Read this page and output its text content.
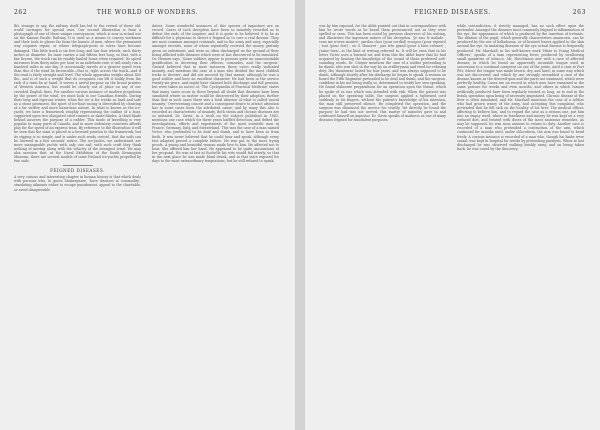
262	THE WORLD OF WONDERS.

Bit, strange to say, the railway itself has led to the revival of these old-world carriages for special uses. Our second illustration is from a photograph of one of these unique conveyances, which is now in actual use on the Kansas Pacific Railway. It is used as a means to convey workmen and their tools to places far from the haunts of men, where the permanent way requires repair, or where telegraph-posts or wires have become damaged. This little truck is six feet long, and has four wheels, each thirty inches in diameter. Its mast carries a sail fifteen feet long, so that, with a fair breeze, the truck can be readily hauled home when required. Its speed increases from thirty miles per hour to an indefinite rate; it will easily run a hundred miles in one day. It occasionally travels at a greater speed even than this if the wind be favourable—that is, right across the track—and if the road is fairly straight and level. The whole apparatus weighs about 400 lbs., and is of such a weight that its occupants can lift it bodily from the rails if a train be at hand. It serves a useful purpose on the broad prairies of Western America, but would be clearly out of place on any of our crowded English lines. For another curious instance of modern propulsion by the power of the wind, we must look to our Canadian friends. During their long and rigorous winter, when the ice is for weeks as hard and safe as a stone pavement, the sport of ice-boat racing is diversified by cheating of a far swifter and more hazardous nature. In what is known as the ice-yacht, we have a framework roughly representing the outline of a boat, supported upon two elongated steel runners or skate-blades. A third blade behind answers the purpose of a rudder. This mode of travelling is very popular in many parts of Canada, and in more sedentary countries affords play for the speed of an express train. By reference to the illustration it will be seen that the mast is placed in a forward position to the framework, but its rigging is so simple, and is under such ready control, that the sails can be lowered in a few seconds' notice. The ice-yachts, we understand, are more manageable yachts with only one sail; with such craft they think nothing of moving along with the velocity of the strongest wind. We may also mention that, at the Naval Exhibition of the South Kensington Museum, there are several models of some Finland ice-yachts propelled by two sails.

FEIGNED DISEASES.

A very curious and interesting chapter in human history is that which deals with persons who, to quote Shakespeare, 'have diseases in commodity', simulating ailments either to escape punishment, appeal to the charitable, or avoid disagreeable

duties. Some wonderful instances of this species of imposture are on record. Cases of such deception have been so minutely recorded as to defeat the ends of the inquirer, and it is quite to be believed it to be as difficult for a physician to detect a feigned as to cure a real disease. They are most common amongst criminals, and in the army and navy, especially amongst recruits, some of whom repeatedly received the money gratuity given on enlistment, and were as often discharged on the ground of their being afflicted with diseases which were at last discovered to be simulated. Dr. Hennen says, 'Some soldiers appear to possess quite an unaccountable gratification in deceiving their officers, comrades, and the surgeon.' Gavard believed that in most instances these cases really indicated insanity, and mentions the case of a man who divided the most childish tricks to deceive, and did not succeed by that means, although he was a good soldier and bore an excellent character. He had been in the service twenty-six years, and might have claimed both discharge and full pension, but were taken no notice of. 'The Cyclopaedia of Practical Medicine' states that many cases occur in these beyond all doubt that diseases have been simulated where no motive could be discovered by their adoption, further than that in such cases there was a total absence of what is called 'moral insanity.' Overweening conceit and a consequent desire to attract attention has in some cases been the attributed cause; and by many this also is recorded as characteristic of insanity. Both strain and chronic diseases are so imitated. Dr. Gavin, in a work on the subject published in 1843, mentions one case which for three years baffled detection, and defied the investigations, efforts and experiments of the most scientific men in France, Germany, Italy, and Switzerland. This was the case of a man named Victor, who pretended to be deaf and dumb, and to have been so from birth. It was never believed that he could hear and speak, although every test adopted proved a complete failure. He was put to the most trying proofs. A young and beautiful woman made love to him. He affected not to hear. She offered him her hand. He appeared to be quite unconscious of her proposal. He was at last at Rochelle his wits would fail utterly, so that in the next place he was made blind drunk, and in that state exposed for days to the most extraordinary temptations; but he still refused to speak.

FEIGNED DISEASES.	263

was by him exposed, for the Abbé pointed out that in correspondence with him he wrote words as he heard them pronounced, not as they were spelled or seen. This has been noted by previous observers of his writing, and illustrates the ingenious nature of his deception. 'Je suis le malade ; vous me n'avez montré ; pardon chez (pour cordial) ecoupez (pour repenti) ; tout (pour fort) ; ou S. Honoret ; pas très grand (pour à bien refuser) ; j'aime bien'—is the kind of writing referred to. It will be seen that in his letter Victor uses a learned air, and from this the Abbé knew that he had acquired by hearing the knowledge of the sound of these preferred soft-sounding words. Dr. Cheyne mentions the case of a soldier pretending to be dumb, who was shot in the way by an artilleryman and tried for refusing duty. His 'dumbness' lasted for four years, and was always supposed to be dumb, although shortly after his discharge he began to speak. A woman on board the Fifth Regiment pretended to be deaf and dumb, and the surgeon, confident in his not being really so, determined to testify her own speaking. He found elaborate preparations for an operation upon the throat, which he spoke of as one which was attended with risk. When the patient was placed on the operating table, the surgeon applied a tightened cord suddenly to his fingers, without the patient's knowledge of his intention, the man still preserved silence. He completed the operation, and the surgeon was dismissed the service for cruelty. Yet directly he found the purpose he had was not served, this martyr of miracles gave in and confessed himself an impostor. Dr. Gavin speaks of madness as one of many diseases feigned for fraudulent purposes.

while contradiction, it strictly managed, has no such effect upon the pretender. Amongst the diseases most commonly feigned is inflammation of the eye, the appearance of which is produced by the insertion of irritants. The dilation of the pupil, which generally characterises amaurosis, can be produced by the use of belladonna, or of bruised leaves applied to the skin around the eye. In imitating diseases of the eye actual disease is frequently produced. Mr. Marshall, in his well-known work 'Hints to Young Medical Officers,' speaks of a man representing fever, produced by swallowing small quantities of tobacco. Mr. Hutchinson met with a case of affected disease, in which he found an apparently incurable tongue used in succession to a continual compress on one of the joints, until a case at Fort Pitt, where the tongue was made brown, dry, and hard, in some way which was not discovered, and which by one strongly resembled a case of the disease known as the slivered-gum and the parts not examined, which were perfectly healthy. Cases are on record in which men have remained in the same posture for weeks and even months, and others in which tumors artificially produced have been regularly treated so long, as to end in the fistula operation upon being of necessity amputated. Chronic disease of the liver is often simulated, and Mr. Marshall mentions the case of a soldier who had grown weary of the army, and accepting this complaint, who pretended that he felt sick on the locality of his liver. The medical officer, affecting to believe him, and to regard the case as a serious one, put him into an empty ward, where in loneliness and misery he was kept on a very reduced diet, and treated with doses of the most nauseous remedies. As may be supposed, he was soon anxious to return to duty. Another case is recorded of a man who pretended a contraction of the arm, which continued for months until, under chloroform, the arm was found to bend freely. A curious instance is recorded of a man who, though his limbs were sound, was kept in hospital for weeks by pretending paralysis. When at last discharged he was observed walking briskly away, and on being taken back, he was cured by the discovery.
